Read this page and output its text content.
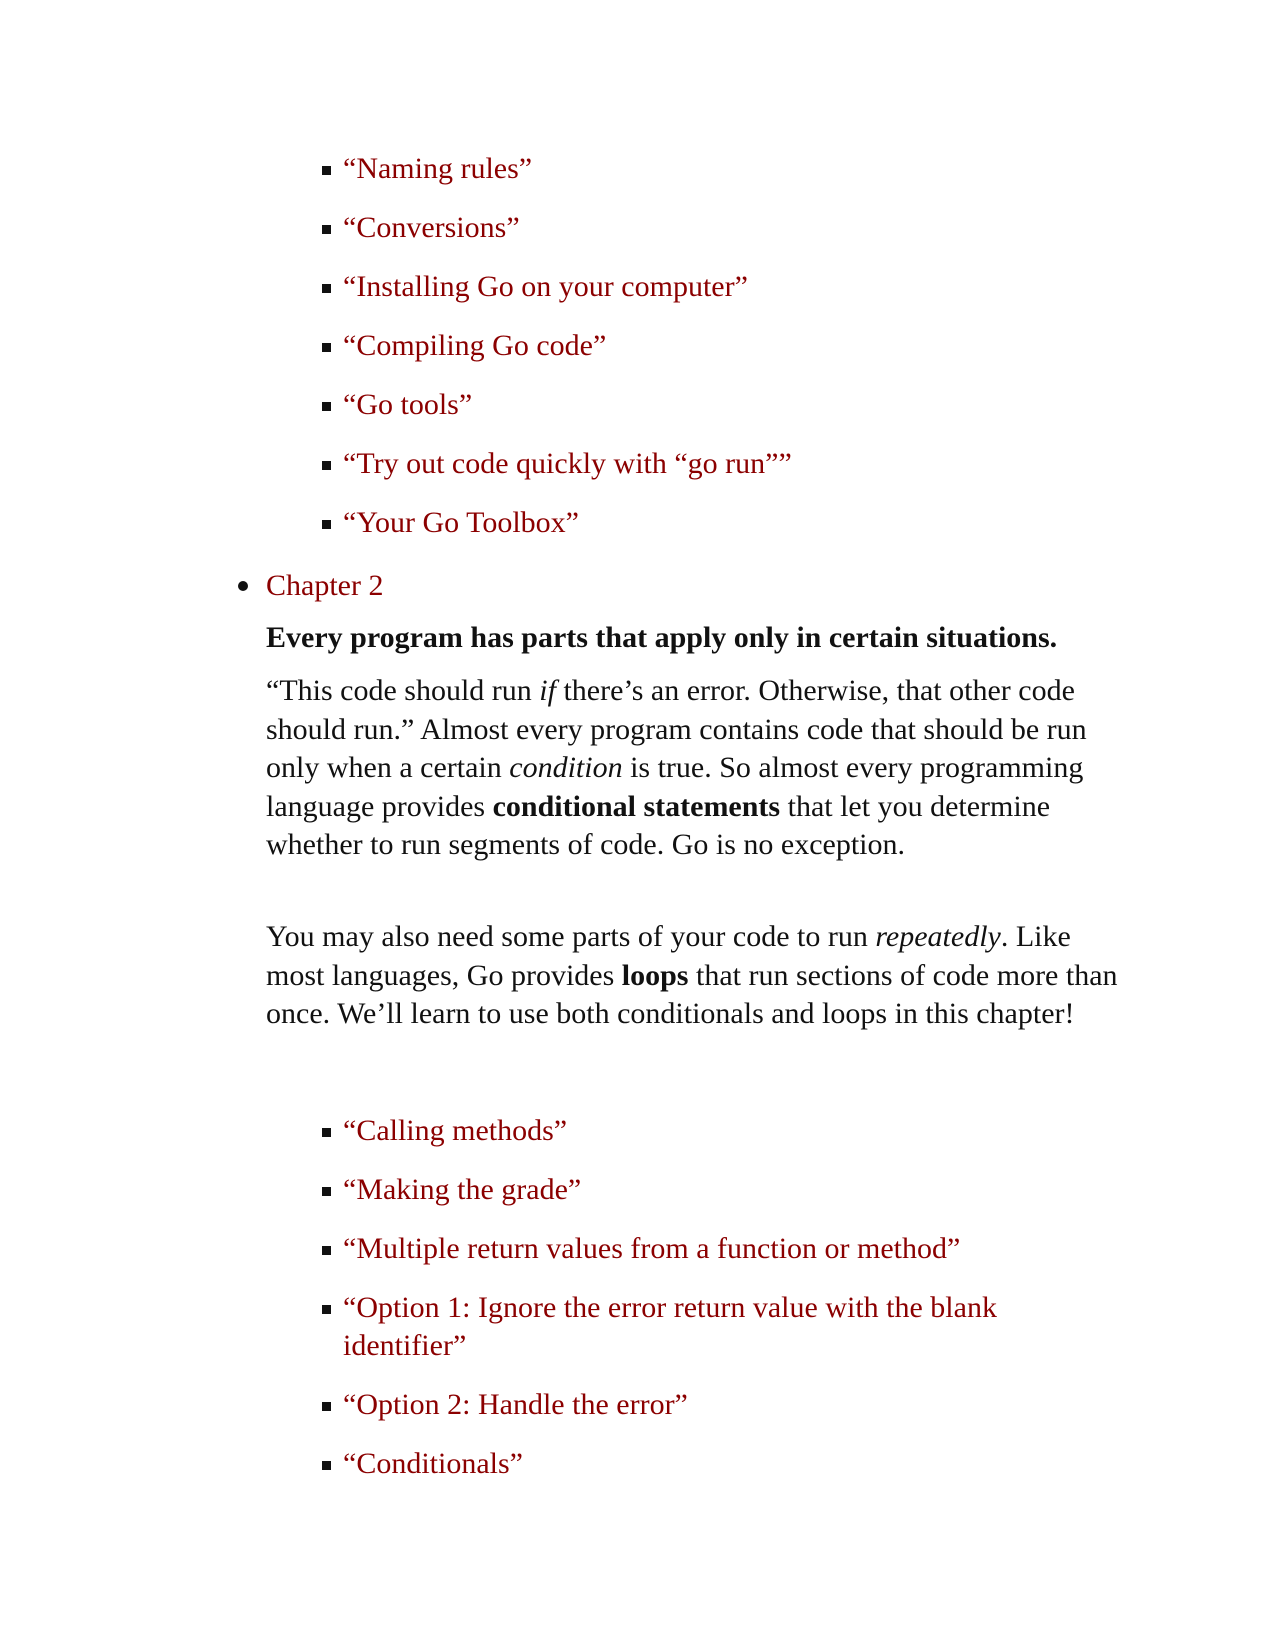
“Naming rules”
“Conversions”
“Installing Go on your computer”
“Compiling Go code”
“Go tools”
“Try out code quickly with “go run””
“Your Go Toolbox”
Chapter 2

Every program has parts that apply only in certain situations.

“This code should run if there’s an error. Otherwise, that other code should run.” Almost every program contains code that should be run only when a certain condition is true. So almost every programming language provides conditional statements that let you determine whether to run segments of code. Go is no exception.

You may also need some parts of your code to run repeatedly. Like most languages, Go provides loops that run sections of code more than once. We’ll learn to use both conditionals and loops in this chapter!

“Calling methods”
“Making the grade”
“Multiple return values from a function or method”
“Option 1: Ignore the error return value with the blank identifier”
“Option 2: Handle the error”
“Conditionals”
